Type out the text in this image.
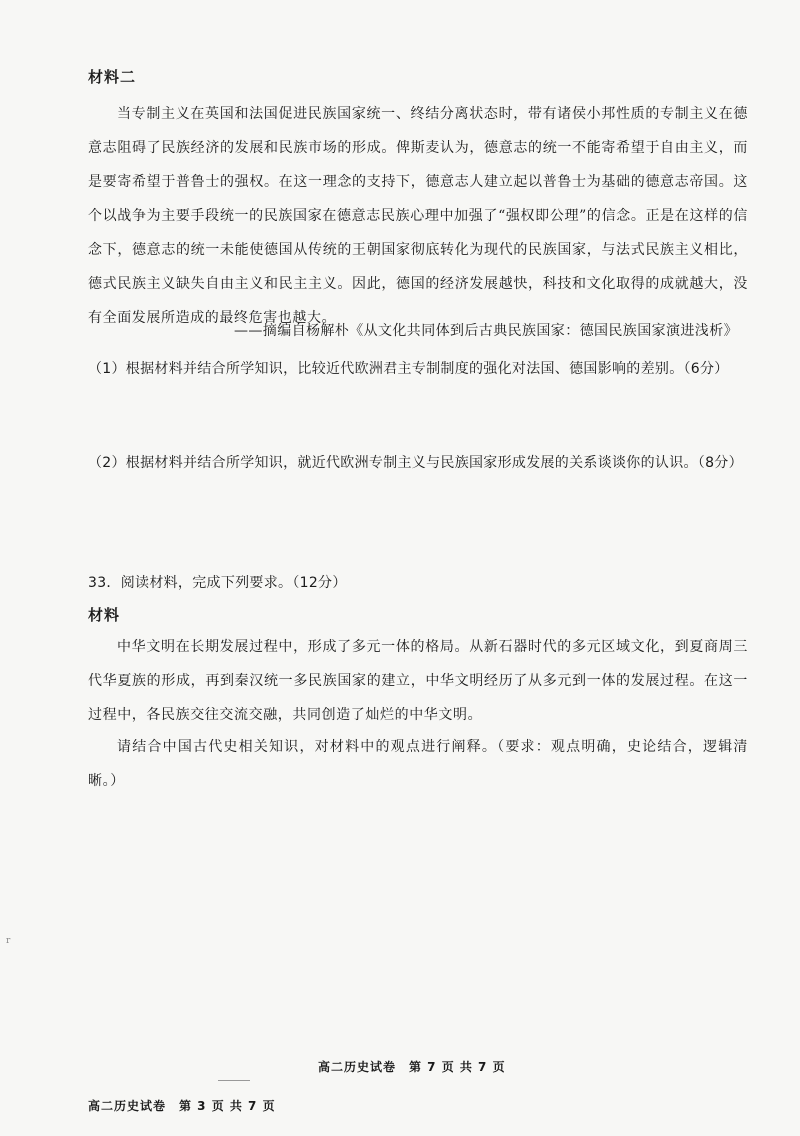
材料二
当专制主义在英国和法国促进民族国家统一、终结分离状态时，带有诸侯小邦性质的专制主义在德意志阻碍了民族经济的发展和民族市场的形成。俾斯麦认为，德意志的统一不能寄希望于自由主义，而是要寄希望于普鲁士的强权。在这一理念的支持下，德意志人建立起以普鲁士为基础的德意志帝国。这个以战争为主要手段统一的民族国家在德意志民族心理中加强了“强权即公理”的信念。正是在这样的信念下，德意志的统一未能使德国从传统的王朝国家彻底转化为现代的民族国家，与法式民族主义相比，德式民族主义缺失自由主义和民主主义。因此，德国的经济发展越快，科技和文化取得的成就越大，没有全面发展所造成的最终危害也越大。
——摘编自杨解朴《从文化共同体到后古典民族国家：德国民族国家演进浅析》
（1）根据材料并结合所学知识，比较近代欧洲君主专制制度的强化对法国、德国影响的差别。（6分）
（2）根据材料并结合所学知识，就近代欧洲专制主义与民族国家形成发展的关系谈谈你的认识。（8分）
33．阅读材料，完成下列要求。（12分）
材料
中华文明在长期发展过程中，形成了多元一体的格局。从新石器时代的多元区域文化，到夏商周三代华夏族的形成，再到秦汉统一多民族国家的建立，中华文明经历了从多元到一体的发展过程。在这一过程中，各民族交往交流交融，共同创造了灿烂的中华文明。
请结合中国古代史相关知识，对材料中的观点进行阐释。（要求：观点明确，史论结合，逻辑清晰。）
r
高二历史试卷　第 7 页 共 7 页
高二历史试卷　第 3 页 共 7 页
